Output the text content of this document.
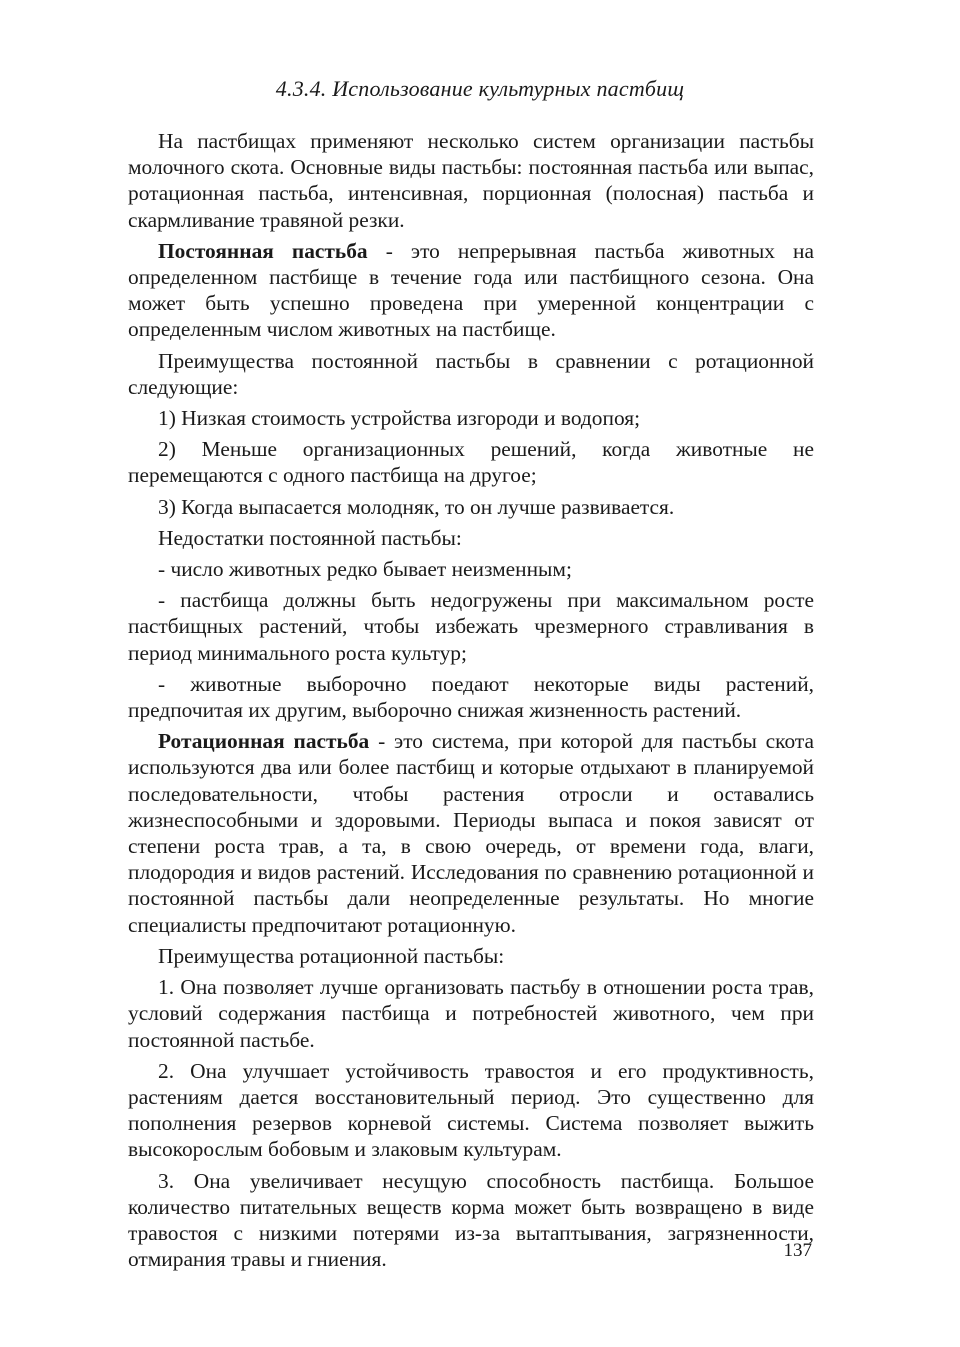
4.3.4. Использование культурных пастбищ

На пастбищах применяют несколько систем организации пастьбы молочного скота. Основные виды пастьбы: постоянная пастьба или выпас, ротационная пастьба, интенсивная, порционная (полосная) пастьба и скармливание травяной резки.

Постоянная пастьба - это непрерывная пастьба животных на определенном пастбище в течение года или пастбищного сезона. Она может быть успешно проведена при умеренной концентрации с определенным числом животных на пастбище.

Преимущества постоянной пастьбы в сравнении с ротационной следующие:

1) Низкая стоимость устройства изгороди и водопоя;

2) Меньше организационных решений, когда животные не перемещаются с одного пастбища на другое;

3) Когда выпасается молодняк, то он лучше развивается.

Недостатки постоянной пастьбы:

- число животных редко бывает неизменным;

- пастбища должны быть недогружены при максимальном росте пастбищных растений, чтобы избежать чрезмерного стравливания в период минимального роста культур;

- животные выборочно поедают некоторые виды растений, предпочитая их другим, выборочно снижая жизненность растений.

Ротационная пастьба - это система, при которой для пастьбы скота используются два или более пастбищ и которые отдыхают в планируемой последовательности, чтобы растения отросли и оставались жизнеспособными и здоровыми. Периоды выпаса и покоя зависят от степени роста трав, а та, в свою очередь, от времени года, влаги, плодородия и видов растений. Исследования по сравнению ротационной и постоянной пастьбы дали неопределенные результаты. Но многие специалисты предпочитают ротационную.

Преимущества ротационной пастьбы:

1. Она позволяет лучше организовать пастьбу в отношении роста трав, условий содержания пастбища и потребностей животного, чем при постоянной пастьбе.

2. Она улучшает устойчивость травостоя и его продуктивность, растениям дается восстановительный период. Это существенно для пополнения резервов корневой системы. Система позволяет выжить высокорослым бобовым и злаковым культурам.

3. Она увеличивает несущую способность пастбища. Большое количество питательных веществ корма может быть возвращено в виде травостоя с низкими потерями из-за вытаптывания, загрязненности, отмирания травы и гниения.	137
